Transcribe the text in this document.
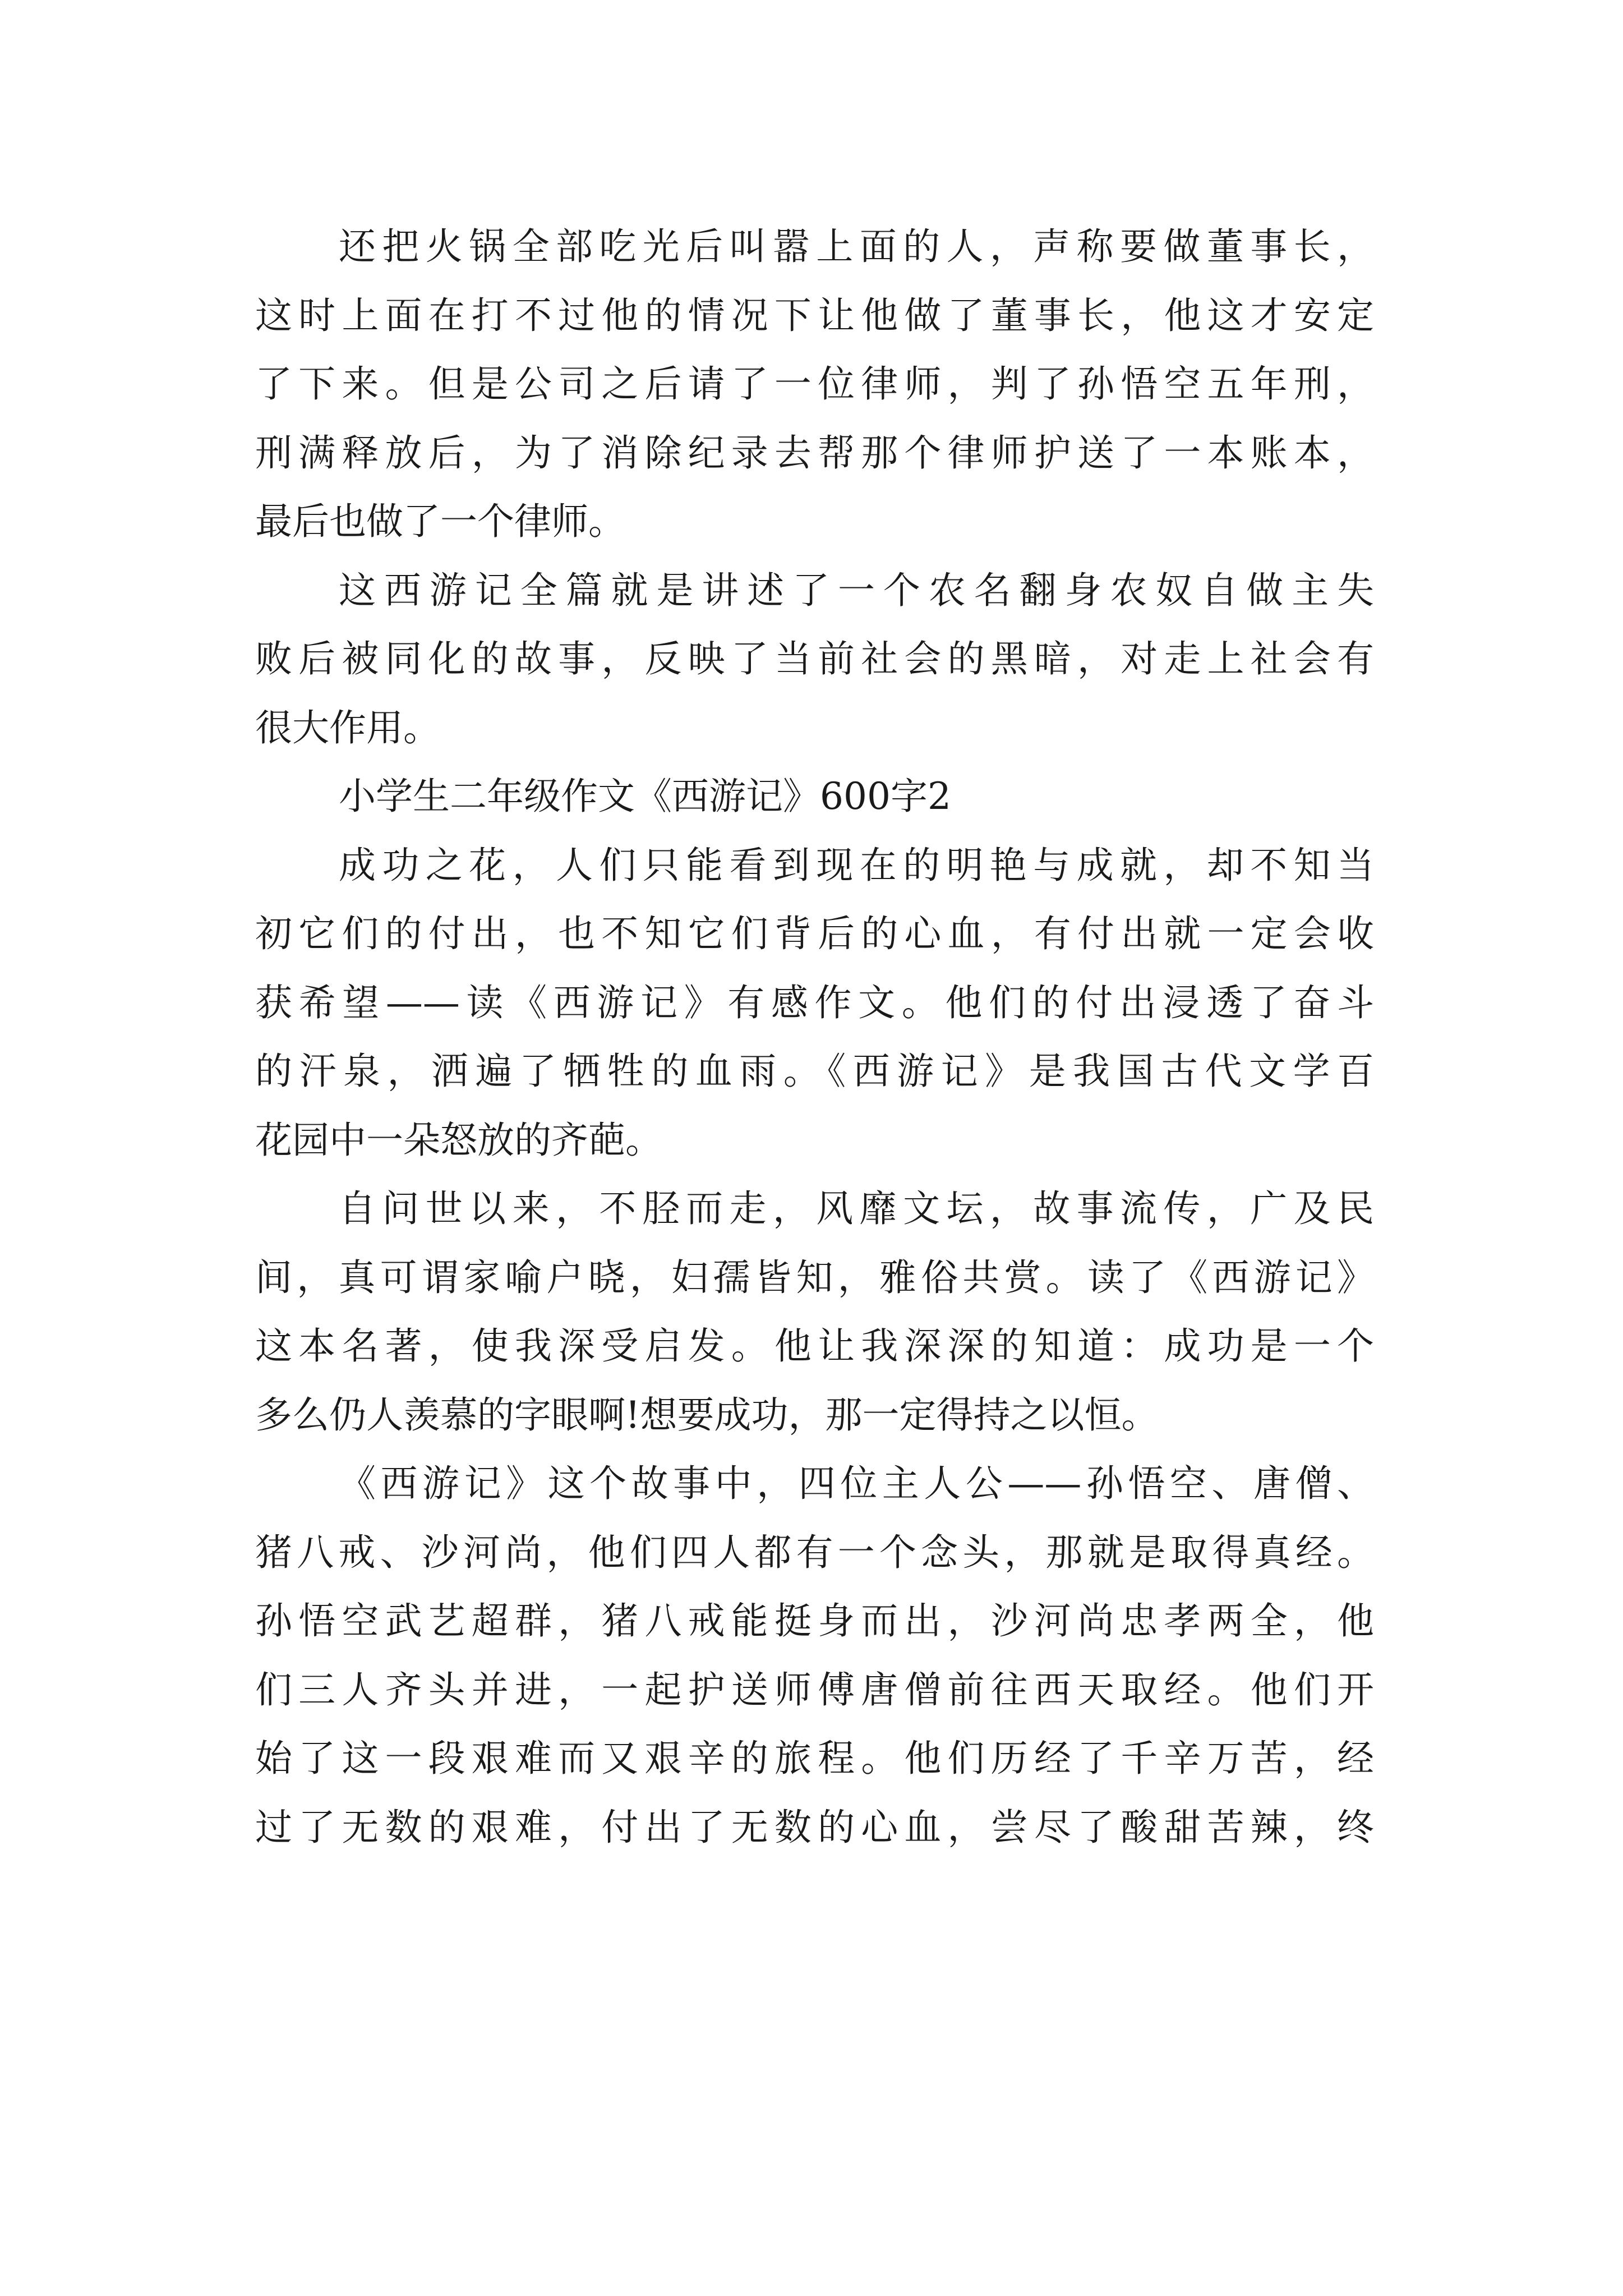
还把火锅全部吃光后叫嚣上面的人，声称要做董事长，
这时上面在打不过他的情况下让他做了董事长，他这才安定
了下来。但是公司之后请了一位律师，判了孙悟空五年刑，
刑满释放后，为了消除纪录去帮那个律师护送了一本账本，
最后也做了一个律师。
这西游记全篇就是讲述了一个农名翻身农奴自做主失
败后被同化的故事，反映了当前社会的黑暗，对走上社会有
很大作用。
小学生二年级作文《西游记》600字2
成功之花，人们只能看到现在的明艳与成就，却不知当
初它们的付出，也不知它们背后的心血，有付出就一定会收
获希望——读《西游记》有感作文。他们的付出浸透了奋斗
的汗泉，洒遍了牺牲的血雨。《西游记》是我国古代文学百
花园中一朵怒放的齐葩。
自问世以来，不胫而走，风靡文坛，故事流传，广及民
间，真可谓家喻户晓，妇孺皆知，雅俗共赏。读了《西游记》
这本名著，使我深受启发。他让我深深的知道：成功是一个
多么仍人羡慕的字眼啊!想要成功，那一定得持之以恒。
《西游记》这个故事中，四位主人公——孙悟空、唐僧、
猪八戒、沙河尚，他们四人都有一个念头，那就是取得真经。
孙悟空武艺超群，猪八戒能挺身而出，沙河尚忠孝两全，他
们三人齐头并进，一起护送师傅唐僧前往西天取经。他们开
始了这一段艰难而又艰辛的旅程。他们历经了千辛万苦，经
过了无数的艰难，付出了无数的心血，尝尽了酸甜苦辣，终
